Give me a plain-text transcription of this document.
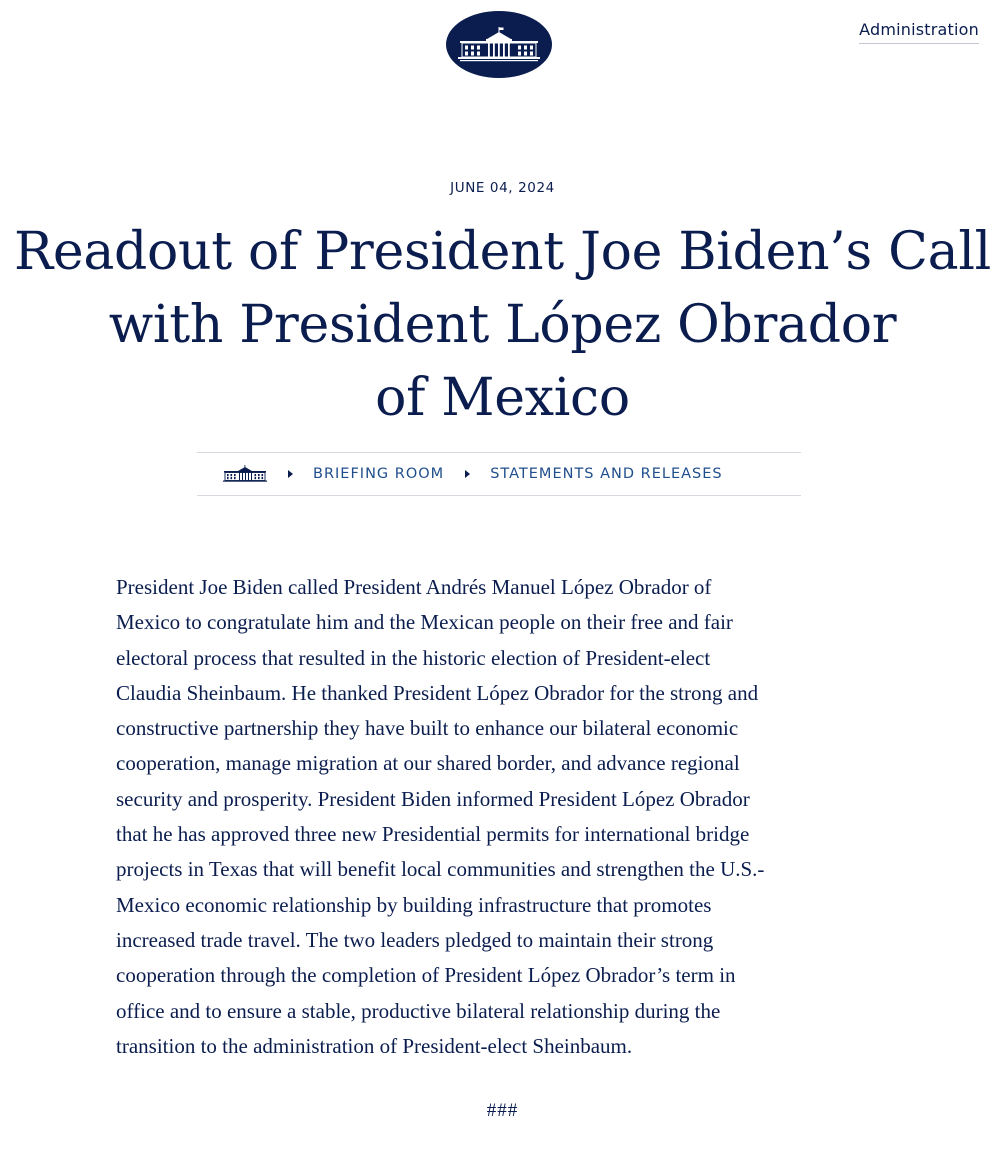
Administration
JUNE 04, 2024
Readout of President Joe Biden’s Call
with President López Obrador
of Mexico
BRIEFING ROOM	STATEMENTS AND RELEASES

President Joe Biden called President Andrés Manuel López Obrador of
Mexico to congratulate him and the Mexican people on their free and fair
electoral process that resulted in the historic election of President-elect
Claudia Sheinbaum. He thanked President López Obrador for the strong and
constructive partnership they have built to enhance our bilateral economic
cooperation, manage migration at our shared border, and advance regional
security and prosperity. President Biden informed President López Obrador
that he has approved three new Presidential permits for international bridge
projects in Texas that will benefit local communities and strengthen the U.S.-
Mexico economic relationship by building infrastructure that promotes
increased trade travel. The two leaders pledged to maintain their strong
cooperation through the completion of President López Obrador’s term in
office and to ensure a stable, productive bilateral relationship during the
transition to the administration of President-elect Sheinbaum.

###
